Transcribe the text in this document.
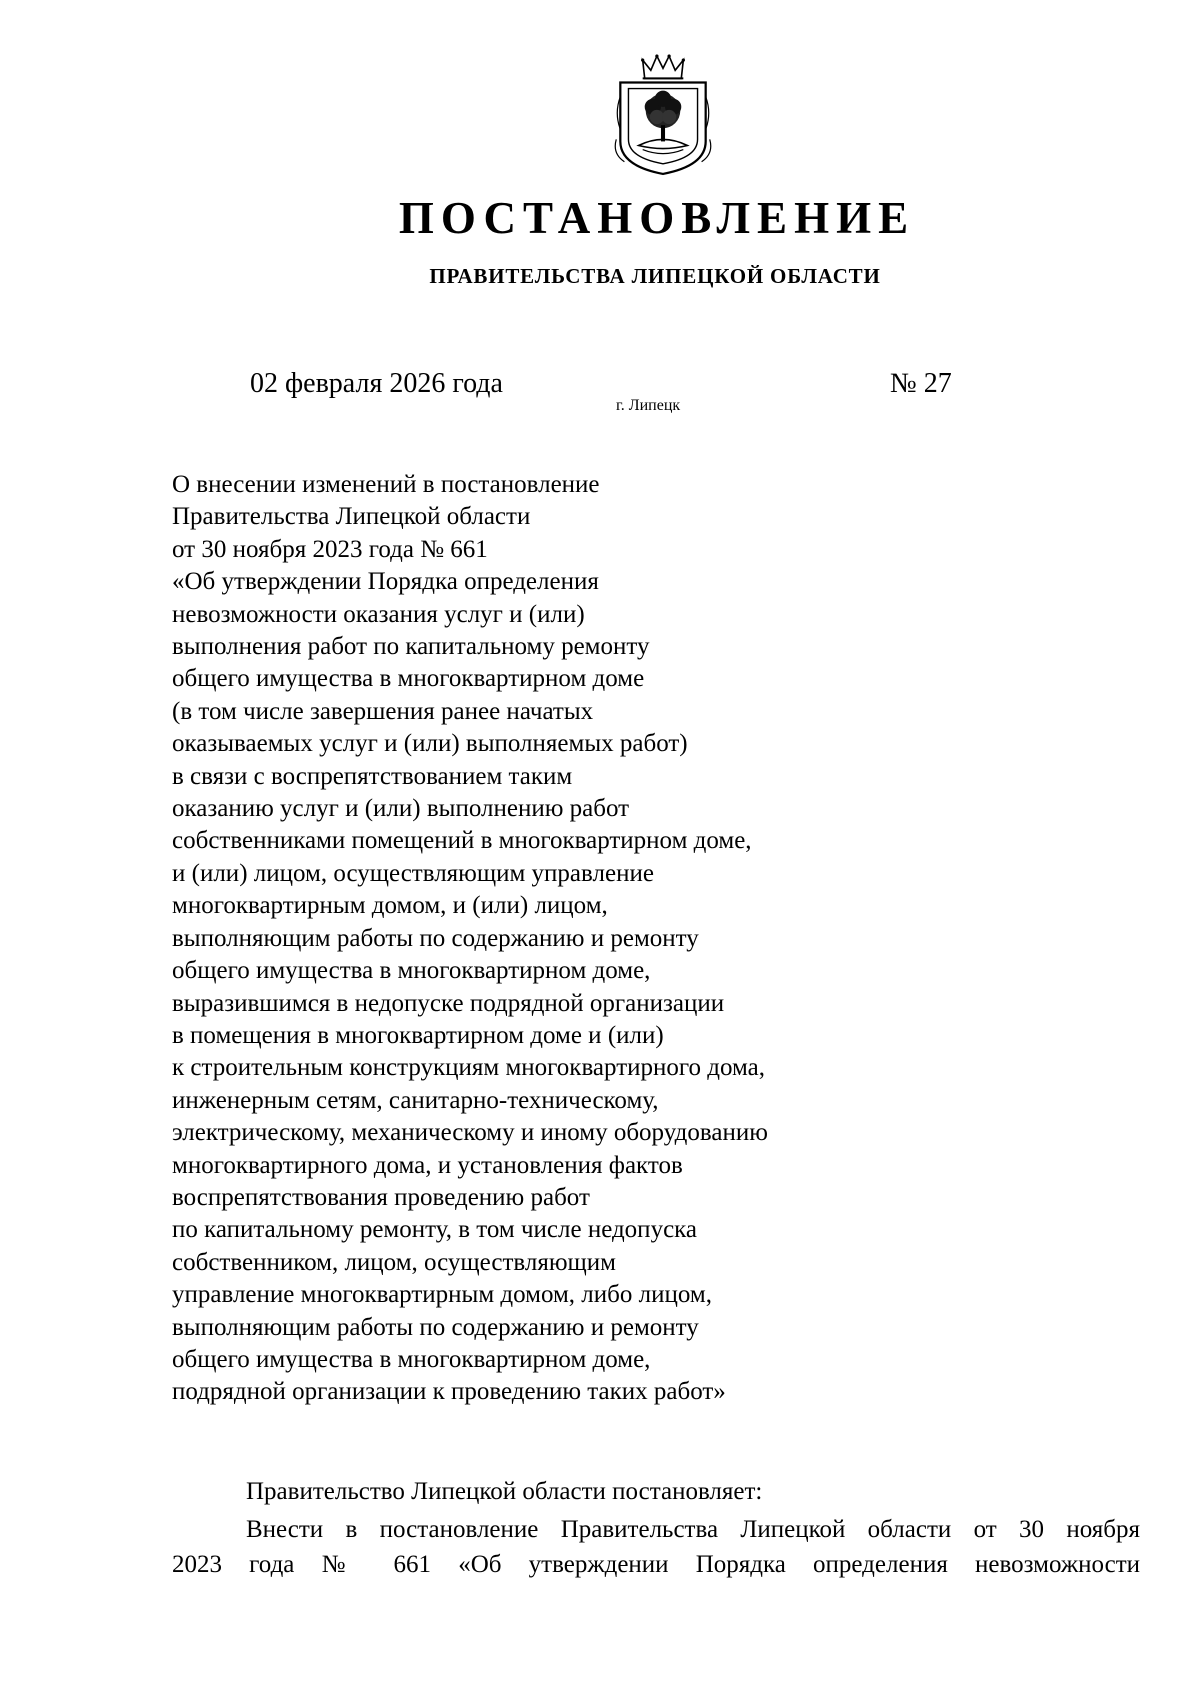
ПОСТАНОВЛЕНИЕ
ПРАВИТЕЛЬСТВА ЛИПЕЦКОЙ ОБЛАСТИ
02 февраля 2026 года
г. Липецк
№ 27
О внесении изменений в постановление
Правительства Липецкой области
от 30 ноября 2023 года № 661
«Об утверждении Порядка определения
невозможности оказания услуг и (или)
выполнения работ по капитальному ремонту
общего имущества в многоквартирном доме
(в том числе завершения ранее начатых
оказываемых услуг и (или) выполняемых работ)
в связи с воспрепятствованием таким
оказанию услуг и (или) выполнению работ
собственниками помещений в многоквартирном доме,
и (или) лицом, осуществляющим управление
многоквартирным домом, и (или) лицом,
выполняющим работы по содержанию и ремонту
общего имущества в многоквартирном доме,
выразившимся в недопуске подрядной организации
в помещения в многоквартирном доме и (или)
к строительным конструкциям многоквартирного дома,
инженерным сетям, санитарно-техническому,
электрическому, механическому и иному оборудованию
многоквартирного дома, и установления фактов
воспрепятствования проведению работ
по капитальному ремонту, в том числе недопуска
собственником, лицом, осуществляющим
управление многоквартирным домом, либо лицом,
выполняющим работы по содержанию и ремонту
общего имущества в многоквартирном доме,
подрядной организации к проведению таких работ»
Правительство Липецкой области постановляет:
Внести в постановление Правительства Липецкой области от 30 ноября
2023 года № 661 «Об утверждении Порядка определения невозможности
